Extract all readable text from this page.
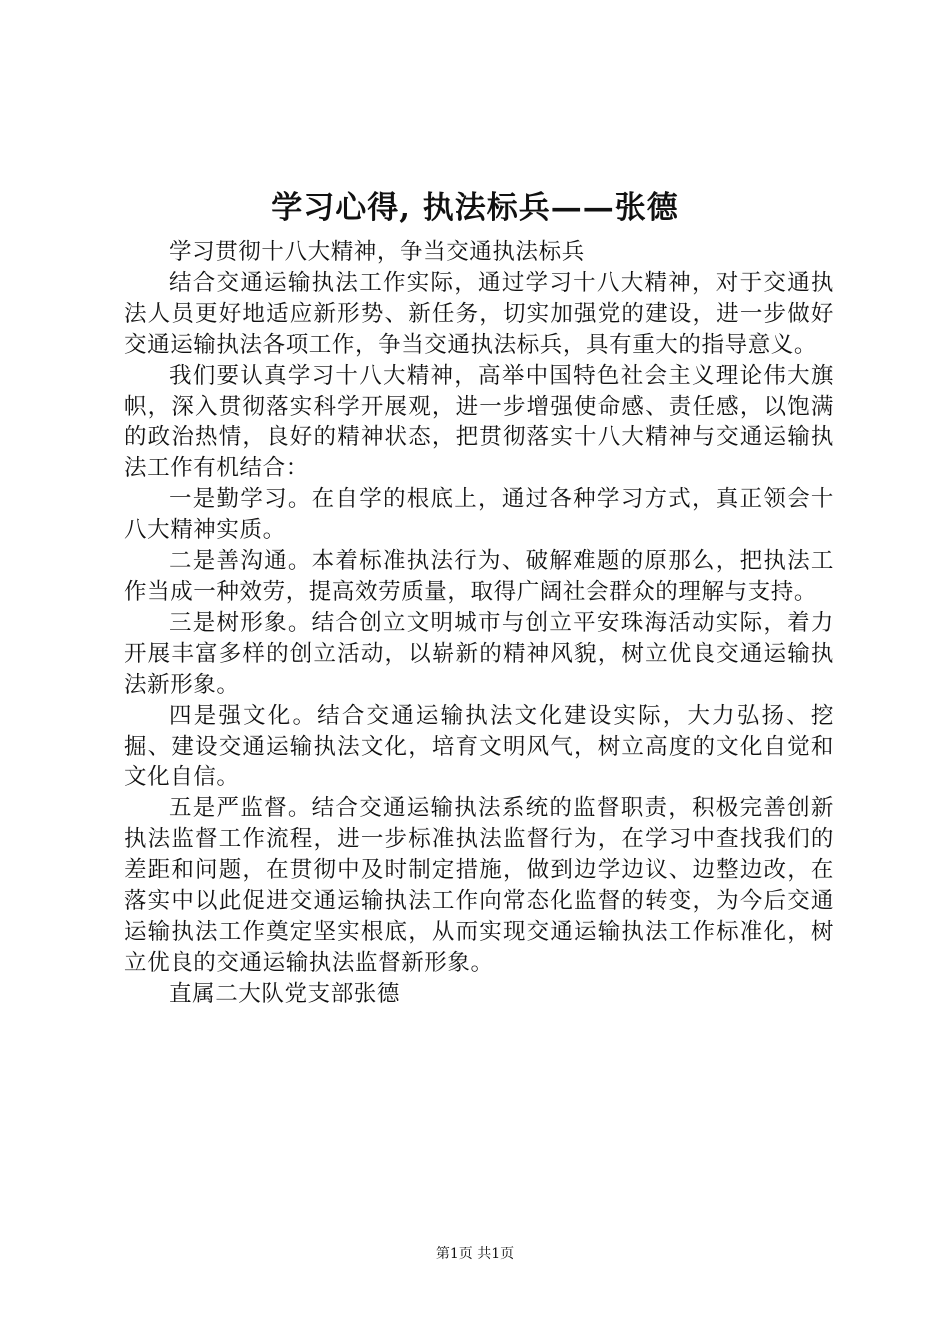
学习心得, 执法标兵——张德

学习贯彻十八大精神，争当交通执法标兵

结合交通运输执法工作实际，通过学习十八大精神，对于交通执法人员更好地适应新形势、新任务，切实加强党的建设，进一步做好交通运输执法各项工作，争当交通执法标兵，具有重大的指导意义。

我们要认真学习十八大精神，高举中国特色社会主义理论伟大旗帜，深入贯彻落实科学开展观，进一步增强使命感、责任感，以饱满的政治热情，良好的精神状态，把贯彻落实十八大精神与交通运输执法工作有机结合：

一是勤学习。在自学的根底上，通过各种学习方式，真正领会十八大精神实质。

二是善沟通。本着标准执法行为、破解难题的原那么，把执法工作当成一种效劳，提高效劳质量，取得广阔社会群众的理解与支持。

三是树形象。结合创立文明城市与创立平安珠海活动实际，着力开展丰富多样的创立活动，以崭新的精神风貌，树立优良交通运输执法新形象。

四是强文化。结合交通运输执法文化建设实际，大力弘扬、挖掘、建设交通运输执法文化，培育文明风气，树立高度的文化自觉和文化自信。

五是严监督。结合交通运输执法系统的监督职责，积极完善创新执法监督工作流程，进一步标准执法监督行为，在学习中查找我们的差距和问题，在贯彻中及时制定措施，做到边学边议、边整边改，在落实中以此促进交通运输执法工作向常态化监督的转变，为今后交通运输执法工作奠定坚实根底，从而实现交通运输执法工作标准化，树立优良的交通运输执法监督新形象。

直属二大队党支部张德

第1页 共1页
